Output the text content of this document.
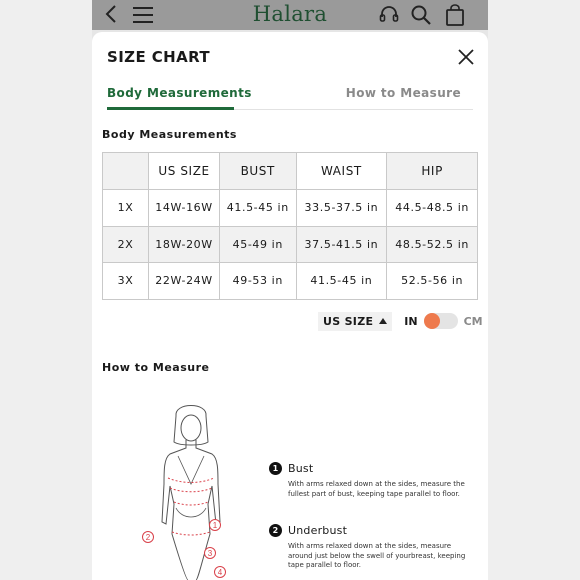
Halara
SIZE CHART
Body Measurements	How to Measure
Body Measurements
	US SIZE	BUST	WAIST	HIP
1X	14W-16W	41.5-45 in	33.5-37.5 in	44.5-48.5 in
2X	18W-20W	45-49 in	37.5-41.5 in	48.5-52.5 in
3X	22W-24W	49-53 in	41.5-45 in	52.5-56 in
US SIZE	IN	CM
How to Measure
1
2
3
4
1 Bust
With arms relaxed down at the sides, measure the fullest part of bust, keeping tape parallel to floor.
2 Underbust
With arms relaxed down at the sides, measure around just below the swell of yourbreast, keeping tape parallel to floor.
